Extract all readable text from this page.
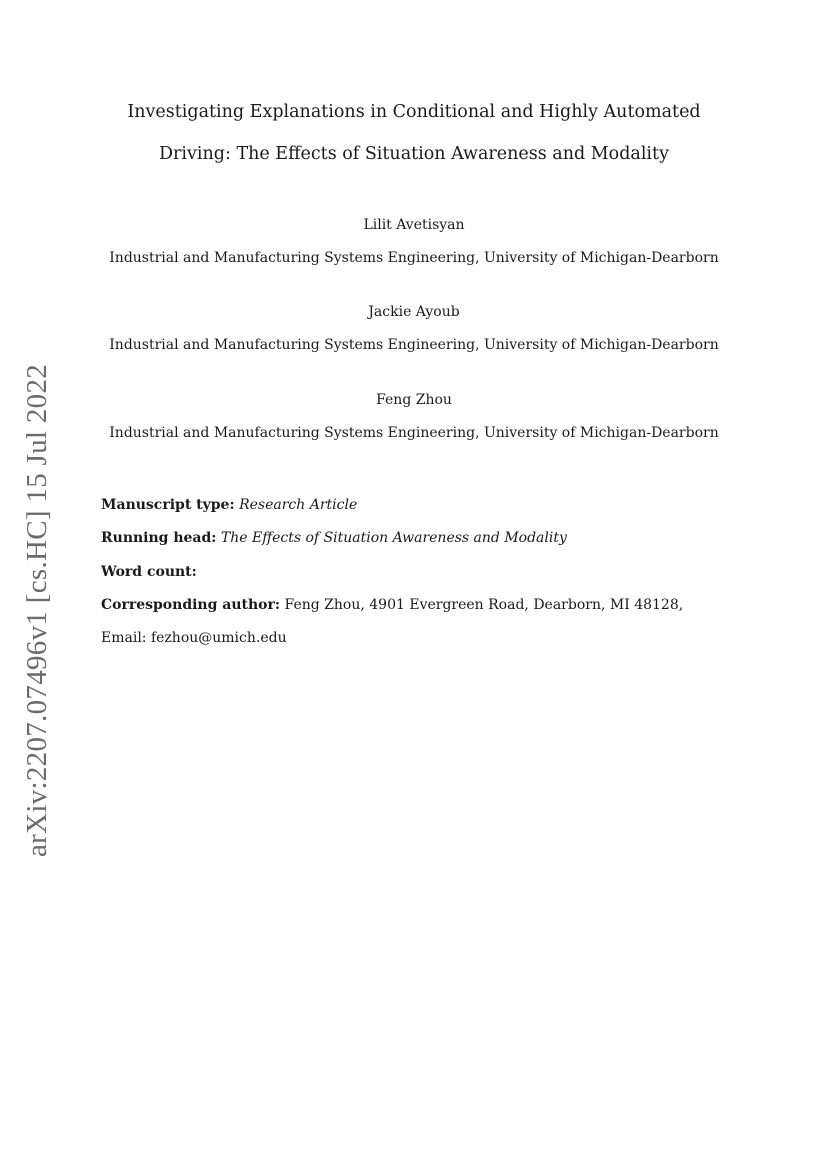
arXiv:2207.07496v1 [cs.HC] 15 Jul 2022
Investigating Explanations in Conditional and Highly Automated
Driving: The Effects of Situation Awareness and Modality
Lilit Avetisyan
Industrial and Manufacturing Systems Engineering, University of Michigan-Dearborn
Jackie Ayoub
Industrial and Manufacturing Systems Engineering, University of Michigan-Dearborn
Feng Zhou
Industrial and Manufacturing Systems Engineering, University of Michigan-Dearborn
Manuscript type: Research Article
Running head: The Effects of Situation Awareness and Modality
Word count:
Corresponding author: Feng Zhou, 4901 Evergreen Road, Dearborn, MI 48128,
Email: fezhou@umich.edu
